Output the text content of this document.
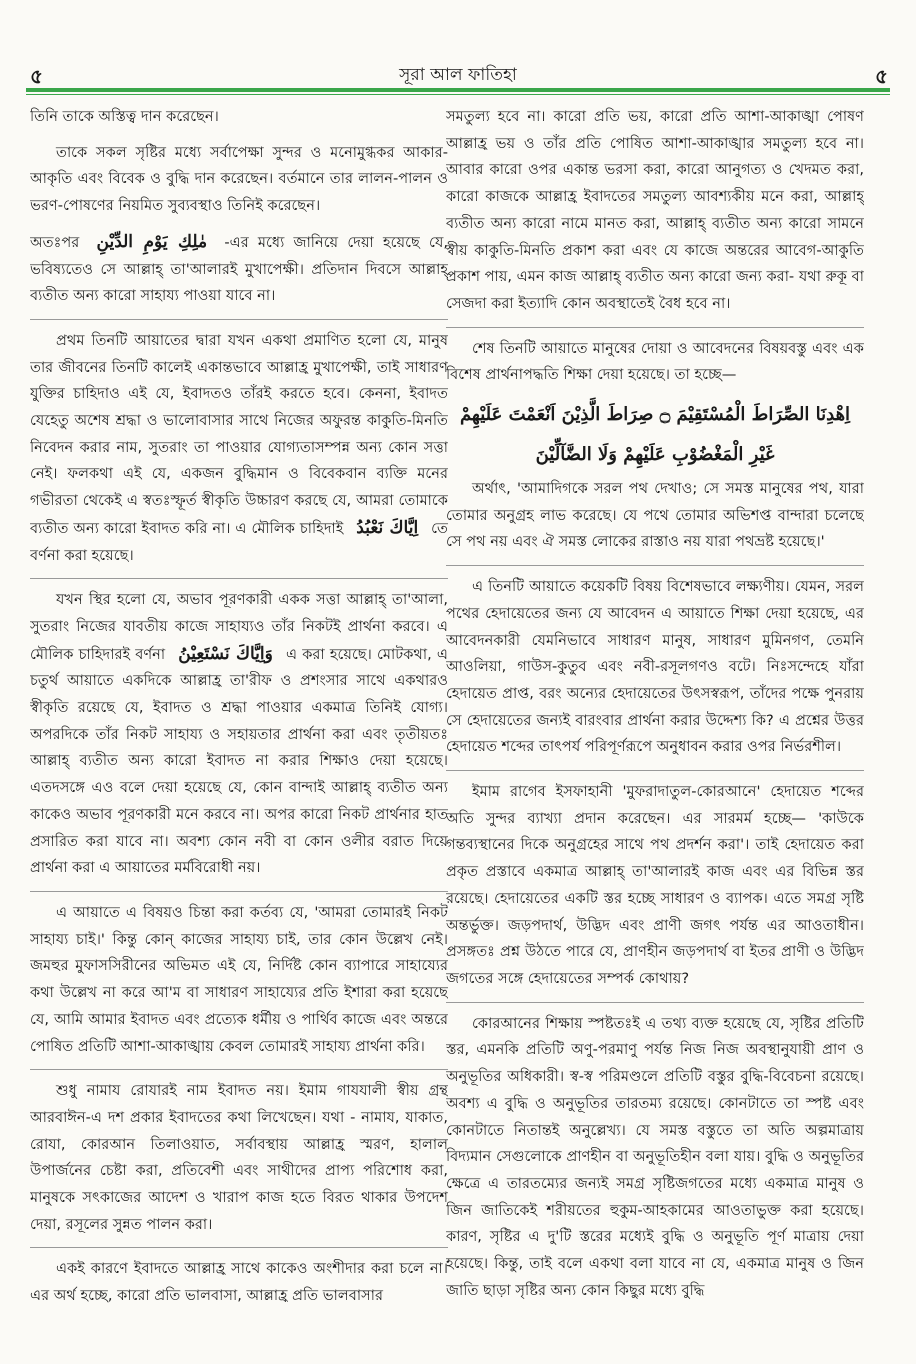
৫	সূরা আল ফাতিহা	৫

তিনি তাকে অস্তিত্ব দান করেছেন।

তাকে সকল সৃষ্টির মধ্যে সর্বাপেক্ষা সুন্দর ও মনোমুগ্ধকর আকার-আকৃতি এবং বিবেক ও বুদ্ধি দান করেছেন। বর্তমানে তার লালন-পালন ও ভরণ-পোষণের নিয়মিত সুব্যবস্থাও তিনিই করেছেন।

অতঃপর مٰلِكِ يَوْمِ الدِّيْنِ -এর মধ্যে জানিয়ে দেয়া হয়েছে যে, ভবিষ্যতেও সে আল্লাহ্ তা'আলারই মুখাপেক্ষী। প্রতিদান দিবসে আল্লাহ্ ব্যতীত অন্য কারো সাহায্য পাওয়া যাবে না।

প্রথম তিনটি আয়াতের দ্বারা যখন একথা প্রমাণিত হলো যে, মানুষ তার জীবনের তিনটি কালেই একান্তভাবে আল্লাহ্র মুখাপেক্ষী, তাই সাধারণ যুক্তির চাহিদাও এই যে, ইবাদতও তাঁরই করতে হবে। কেননা, ইবাদত যেহেতু অশেষ শ্রদ্ধা ও ভালোবাসার সাথে নিজের অফুরন্ত কাকুতি-মিনতি নিবেদন করার নাম, সুতরাং তা পাওয়ার যোগ্যতাসম্পন্ন অন্য কোন সত্তা নেই। ফলকথা এই যে, একজন বুদ্ধিমান ও বিবেকবান ব্যক্তি মনের গভীরতা থেকেই এ স্বতঃস্ফূর্ত স্বীকৃতি উচ্চারণ করছে যে, আমরা তোমাকে ব্যতীত অন্য কারো ইবাদত করি না। এ মৌলিক চাহিদাই اِيَّاكَ نَعْبُدُ তে বর্ণনা করা হয়েছে।

যখন স্থির হলো যে, অভাব পূরণকারী একক সত্তা আল্লাহ্ তা'আলা, সুতরাং নিজের যাবতীয় কাজে সাহায্যও তাঁর নিকটই প্রার্থনা করবে। এ মৌলিক চাহিদারই বর্ণনা وَاِيَّاكَ نَسْتَعِيْنُ এ করা হয়েছে। মোটকথা, এ চতুর্থ আয়াতে একদিকে আল্লাহ্র তা'রীফ ও প্রশংসার সাথে একথারও স্বীকৃতি রয়েছে যে, ইবাদত ও শ্রদ্ধা পাওয়ার একমাত্র তিনিই যোগ্য। অপরদিকে তাঁর নিকট সাহায্য ও সহায়তার প্রার্থনা করা এবং তৃতীয়তঃ আল্লাহ্ ব্যতীত অন্য কারো ইবাদত না করার শিক্ষাও দেয়া হয়েছে। এতদসঙ্গে এও বলে দেয়া হয়েছে যে, কোন বান্দাই আল্লাহ্ ব্যতীত অন্য কাকেও অভাব পূরণকারী মনে করবে না। অপর কারো নিকট প্রার্থনার হাত প্রসারিত করা যাবে না। অবশ্য কোন নবী বা কোন ওলীর বরাত দিয়ে প্রার্থনা করা এ আয়াতের মর্মবিরোধী নয়।

এ আয়াতে এ বিষয়ও চিন্তা করা কর্তব্য যে, 'আমরা তোমারই নিকট সাহায্য চাই।' কিন্তু কোন্ কাজের সাহায্য চাই, তার কোন উল্লেখ নেই। জমহুর মুফাসসিরীনের অভিমত এই যে, নির্দিষ্ট কোন ব্যাপারে সাহায্যের কথা উল্লেখ না করে আ'ম বা সাধারণ সাহায্যের প্রতি ইশারা করা হয়েছে যে, আমি আমার ইবাদত এবং প্রত্যেক ধর্মীয় ও পার্থিব কাজে এবং অন্তরে পোষিত প্রতিটি আশা-আকাঙ্খায় কেবল তোমারই সাহায্য প্রার্থনা করি।

শুধু নামায রোযারই নাম ইবাদত নয়। ইমাম গাযযালী স্বীয় গ্রন্থ আরবাঈন-এ দশ প্রকার ইবাদতের কথা লিখেছেন। যথা - নামায, যাকাত, রোযা, কোরআন তিলাওয়াত, সর্বাবস্থায় আল্লাহ্র স্মরণ, হালাল উপার্জনের চেষ্টা করা, প্রতিবেশী এবং সাথীদের প্রাপ্য পরিশোধ করা, মানুষকে সৎকাজের আদেশ ও খারাপ কাজ হতে বিরত থাকার উপদেশ দেয়া, রসূলের সুন্নত পালন করা।

একই কারণে ইবাদতে আল্লাহ্র সাথে কাকেও অংশীদার করা চলে না। এর অর্থ হচ্ছে, কারো প্রতি ভালবাসা, আল্লাহ্র প্রতি ভালবাসার

সমতুল্য হবে না। কারো প্রতি ভয়, কারো প্রতি আশা-আকাঙ্খা পোষণ আল্লাহ্র ভয় ও তাঁর প্রতি পোষিত আশা-আকাঙ্খার সমতুল্য হবে না। আবার কারো ওপর একান্ত ভরসা করা, কারো আনুগত্য ও খেদমত করা, কারো কাজকে আল্লাহ্র ইবাদতের সমতুল্য আবশ্যকীয় মনে করা, আল্লাহ্ ব্যতীত অন্য কারো নামে মানত করা, আল্লাহ্ ব্যতীত অন্য কারো সামনে স্বীয় কাকুতি-মিনতি প্রকাশ করা এবং যে কাজে অন্তরের আবেগ-আকুতি প্রকাশ পায়, এমন কাজ আল্লাহ্ ব্যতীত অন্য কারো জন্য করা- যথা রুকূ বা সেজদা করা ইত্যাদি কোন অবস্থাতেই বৈধ হবে না।

শেষ তিনটি আয়াতে মানুষের দোয়া ও আবেদনের বিষয়বস্তু এবং এক বিশেষ প্রার্থনাপদ্ধতি শিক্ষা দেয়া হয়েছে। তা হচ্ছে—

اِهْدِنَا الصِّرَاطَ الْمُسْتَقِيْمَ ۝ صِرَاطَ الَّذِيْنَ اَنْعَمْتَ عَلَيْهِمْ
غَيْرِ الْمَغْضُوْبِ عَلَيْهِمْ وَلَا الضَّآلِّيْنَ

অর্থাৎ, 'আমাদিগকে সরল পথ দেখাও; সে সমস্ত মানুষের পথ, যারা তোমার অনুগ্রহ লাভ করেছে। যে পথে তোমার অভিশপ্ত বান্দারা চলেছে সে পথ নয় এবং ঐ সমস্ত লোকের রাস্তাও নয় যারা পথভ্রষ্ট হয়েছে।'

এ তিনটি আয়াতে কয়েকটি বিষয় বিশেষভাবে লক্ষ্যণীয়। যেমন, সরল পথের হেদায়েতের জন্য যে আবেদন এ আয়াতে শিক্ষা দেয়া হয়েছে, এর আবেদনকারী যেমনিভাবে সাধারণ মানুষ, সাধারণ মুমিনগণ, তেমনি আওলিয়া, গাউস-কুতুব এবং নবী-রসূলগণও বটে। নিঃসন্দেহে যাঁরা হেদায়েত প্রাপ্ত, বরং অন্যের হেদায়েতের উৎসস্বরূপ, তাঁদের পক্ষে পুনরায় সে হেদায়েতের জন্যই বারংবার প্রার্থনা করার উদ্দেশ্য কি? এ প্রশ্নের উত্তর হেদায়েত শব্দের তাৎপর্য পরিপূর্ণরূপে অনুধাবন করার ওপর নির্ভরশীল।

ইমাম রাগেব ইসফাহানী 'মুফরাদাতুল-কোরআনে' হেদায়েত শব্দের অতি সুন্দর ব্যাখ্যা প্রদান করেছেন। এর সারমর্ম হচ্ছে— 'কাউকে গন্তব্যস্থানের দিকে অনুগ্রহের সাথে পথ প্রদর্শন করা'। তাই হেদায়েত করা প্রকৃত প্রস্তাবে একমাত্র আল্লাহ্ তা'আলারই কাজ এবং এর বিভিন্ন স্তর রয়েছে। হেদায়েতের একটি স্তর হচ্ছে সাধারণ ও ব্যাপক। এতে সমগ্র সৃষ্টি অন্তর্ভুক্ত। জড়পদার্থ, উদ্ভিদ এবং প্রাণী জগৎ পর্যন্ত এর আওতাধীন। প্রসঙ্গতঃ প্রশ্ন উঠতে পারে যে, প্রাণহীন জড়পদার্থ বা ইতর প্রাণী ও উদ্ভিদ জগতের সঙ্গে হেদায়েতের সম্পর্ক কোথায়?

কোরআনের শিক্ষায় স্পষ্টতঃই এ তথ্য ব্যক্ত হয়েছে যে, সৃষ্টির প্রতিটি স্তর, এমনকি প্রতিটি অণু-পরমাণু পর্যন্ত নিজ নিজ অবস্থানুযায়ী প্রাণ ও অনুভূতির অধিকারী। স্ব-স্ব পরিমণ্ডলে প্রতিটি বস্তুর বুদ্ধি-বিবেচনা রয়েছে। অবশ্য এ বুদ্ধি ও অনুভূতির তারতম্য রয়েছে। কোনটাতে তা স্পষ্ট এবং কোনটাতে নিতান্তই অনুল্লেখ্য। যে সমস্ত বস্তুতে তা অতি অল্পমাত্রায় বিদ্যমান সেগুলোকে প্রাণহীন বা অনুভূতিহীন বলা যায়। বুদ্ধি ও অনুভূতির ক্ষেত্রে এ তারতম্যের জন্যই সমগ্র সৃষ্টিজগতের মধ্যে একমাত্র মানুষ ও জিন জাতিকেই শরীয়তের হুকুম-আহকামের আওতাভুক্ত করা হয়েছে। কারণ, সৃষ্টির এ দু'টি স্তরের মধ্যেই বুদ্ধি ও অনুভূতি পূর্ণ মাত্রায় দেয়া হয়েছে। কিন্তু, তাই বলে একথা বলা যাবে না যে, একমাত্র মানুষ ও জিন জাতি ছাড়া সৃষ্টির অন্য কোন কিছুর মধ্যে বুদ্ধি
